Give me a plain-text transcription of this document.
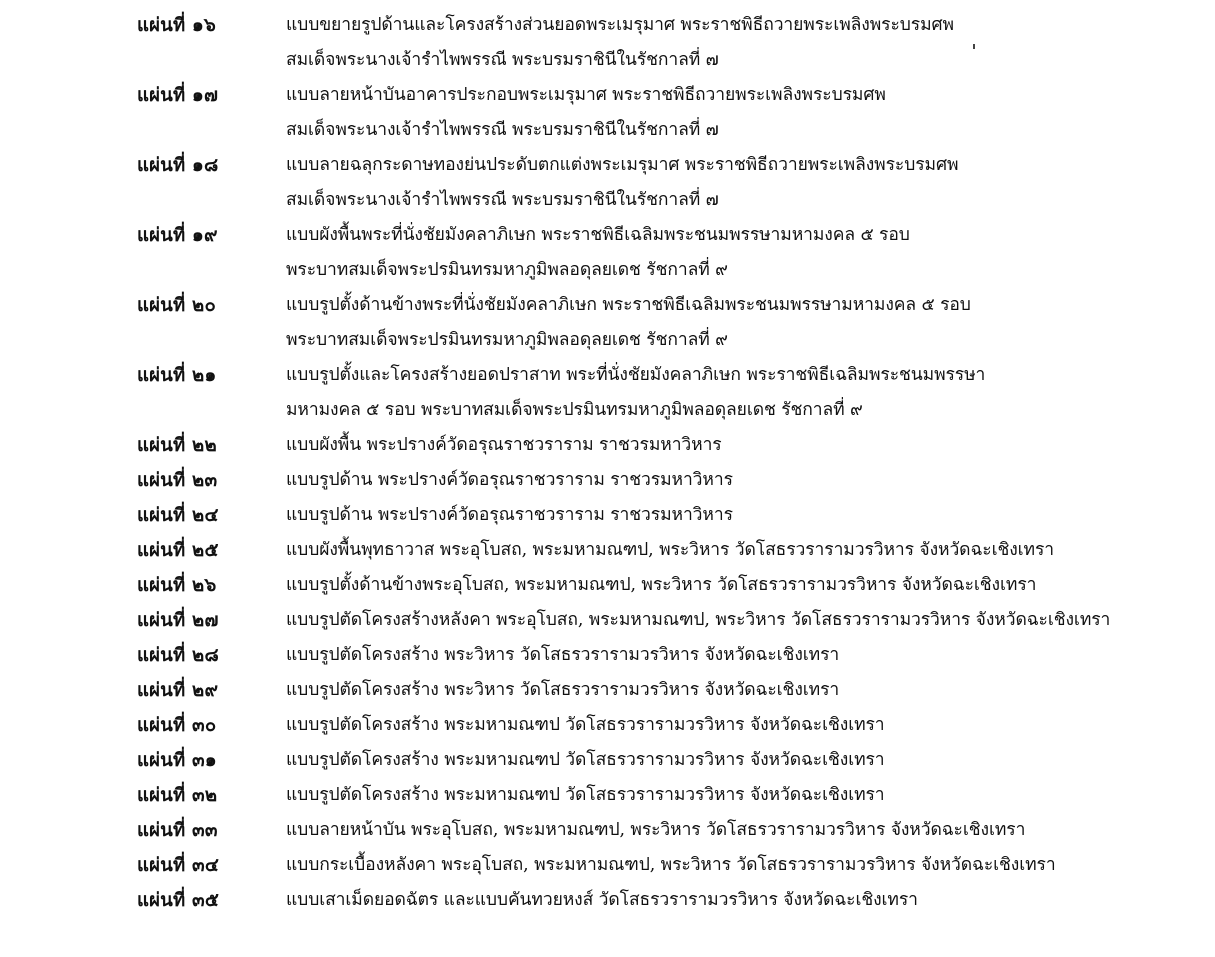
แผ่นที่ ๑๖	แบบขยายรูปด้านและโครงสร้างส่วนยอดพระเมรุมาศ พระราชพิธีถวายพระเพลิงพระบรมศพ
สมเด็จพระนางเจ้ารำไพพรรณี พระบรมราชินีในรัชกาลที่ ๗
แผ่นที่ ๑๗	แบบลายหน้าบันอาคารประกอบพระเมรุมาศ พระราชพิธีถวายพระเพลิงพระบรมศพ
สมเด็จพระนางเจ้ารำไพพรรณี พระบรมราชินีในรัชกาลที่ ๗
แผ่นที่ ๑๘	แบบลายฉลุกระดาษทองย่นประดับตกแต่งพระเมรุมาศ พระราชพิธีถวายพระเพลิงพระบรมศพ
สมเด็จพระนางเจ้ารำไพพรรณี พระบรมราชินีในรัชกาลที่ ๗
แผ่นที่ ๑๙	แบบผังพื้นพระที่นั่งชัยมังคลาภิเษก พระราชพิธีเฉลิมพระชนมพรรษามหามงคล ๕ รอบ
พระบาทสมเด็จพระปรมินทรมหาภูมิพลอดุลยเดช รัชกาลที่ ๙
แผ่นที่ ๒๐	แบบรูปตั้งด้านข้างพระที่นั่งชัยมังคลาภิเษก พระราชพิธีเฉลิมพระชนมพรรษามหามงคล ๕ รอบ
พระบาทสมเด็จพระปรมินทรมหาภูมิพลอดุลยเดช รัชกาลที่ ๙
แผ่นที่ ๒๑	แบบรูปตั้งและโครงสร้างยอดปราสาท พระที่นั่งชัยมังคลาภิเษก พระราชพิธีเฉลิมพระชนมพรรษา
มหามงคล ๕ รอบ พระบาทสมเด็จพระปรมินทรมหาภูมิพลอดุลยเดช รัชกาลที่ ๙
แผ่นที่ ๒๒	แบบผังพื้น พระปรางค์วัดอรุณราชวราราม ราชวรมหาวิหาร
แผ่นที่ ๒๓	แบบรูปด้าน พระปรางค์วัดอรุณราชวราราม ราชวรมหาวิหาร
แผ่นที่ ๒๔	แบบรูปด้าน พระปรางค์วัดอรุณราชวราราม ราชวรมหาวิหาร
แผ่นที่ ๒๕	แบบผังพื้นพุทธาวาส พระอุโบสถ, พระมหามณฑป, พระวิหาร วัดโสธรวรารามวรวิหาร จังหวัดฉะเชิงเทรา
แผ่นที่ ๒๖	แบบรูปตั้งด้านข้างพระอุโบสถ, พระมหามณฑป, พระวิหาร วัดโสธรวรารามวรวิหาร จังหวัดฉะเชิงเทรา
แผ่นที่ ๒๗	แบบรูปตัดโครงสร้างหลังคา พระอุโบสถ, พระมหามณฑป, พระวิหาร วัดโสธรวรารามวรวิหาร จังหวัดฉะเชิงเทรา
แผ่นที่ ๒๘	แบบรูปตัดโครงสร้าง พระวิหาร วัดโสธรวรารามวรวิหาร จังหวัดฉะเชิงเทรา
แผ่นที่ ๒๙	แบบรูปตัดโครงสร้าง พระวิหาร วัดโสธรวรารามวรวิหาร จังหวัดฉะเชิงเทรา
แผ่นที่ ๓๐	แบบรูปตัดโครงสร้าง พระมหามณฑป วัดโสธรวรารามวรวิหาร จังหวัดฉะเชิงเทรา
แผ่นที่ ๓๑	แบบรูปตัดโครงสร้าง พระมหามณฑป วัดโสธรวรารามวรวิหาร จังหวัดฉะเชิงเทรา
แผ่นที่ ๓๒	แบบรูปตัดโครงสร้าง พระมหามณฑป วัดโสธรวรารามวรวิหาร จังหวัดฉะเชิงเทรา
แผ่นที่ ๓๓	แบบลายหน้าบัน พระอุโบสถ, พระมหามณฑป, พระวิหาร วัดโสธรวรารามวรวิหาร จังหวัดฉะเชิงเทรา
แผ่นที่ ๓๔	แบบกระเบื้องหลังคา พระอุโบสถ, พระมหามณฑป, พระวิหาร วัดโสธรวรารามวรวิหาร จังหวัดฉะเชิงเทรา
แผ่นที่ ๓๕	แบบเสาเม็ดยอดฉัตร และแบบคันทวยหงส์ วัดโสธรวรารามวรวิหาร จังหวัดฉะเชิงเทรา
